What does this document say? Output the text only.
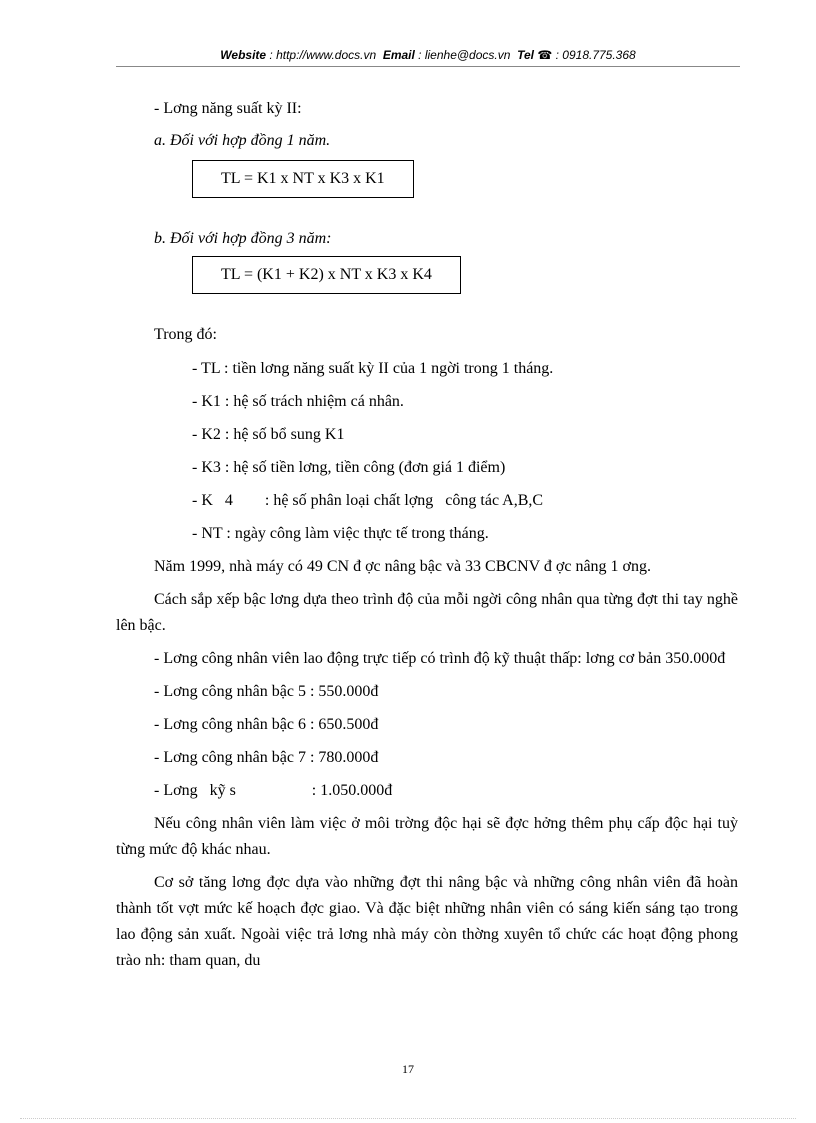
Website : http://www.docs.vn Email : lienhe@docs.vn Tel ☎ : 0918.775.368

- Lơng năng suất kỳ II:

a. Đối với hợp đồng 1 năm.

TL = K1 x NT x K3 x K1

b. Đối với hợp đồng 3 năm:

TL = (K1 + K2) x NT x K3 x K4

Trong đó:

- TL : tiền lơng năng suất kỳ II của 1 ngời trong 1 tháng.

- K1 : hệ số trách nhiệm cá nhân.

- K2 : hệ số bổ sung K1

- K3 : hệ số tiền lơng, tiền công (đơn giá 1 điểm)

- K   4        : hệ số phân loại chất lợng   công tác A,B,C

- NT : ngày công làm việc thực tế trong tháng.

Năm 1999, nhà máy có 49 CN đ ợc nâng bậc và 33 CBCNV đ ợc nâng 1 ơng.

Cách sắp xếp bậc lơng dựa theo trình độ của mỗi ngời công nhân qua từng đợt thi tay nghề lên bậc.

- Lơng công nhân viên lao động trực tiếp có trình độ kỹ thuật thấp: lơng cơ bản 350.000đ

- Lơng công nhân bậc 5 : 550.000đ

- Lơng công nhân bậc 6 : 650.500đ

- Lơng công nhân bậc 7 : 780.000đ

- Lơng   kỹ s                   : 1.050.000đ

Nếu công nhân viên làm việc ở môi trờng độc hại sẽ đợc hởng thêm phụ cấp độc hại tuỳ từng mức độ khác nhau.

Cơ sở tăng lơng đợc dựa vào những đợt thi nâng bậc và những công nhân viên đã hoàn thành tốt vợt mức kế hoạch đợc giao. Và đặc biệt những nhân viên có sáng kiến sáng tạo trong lao động sản xuất. Ngoài việc trả lơng nhà máy còn thờng xuyên tổ chức các hoạt động phong trào nh: tham quan, du

17
